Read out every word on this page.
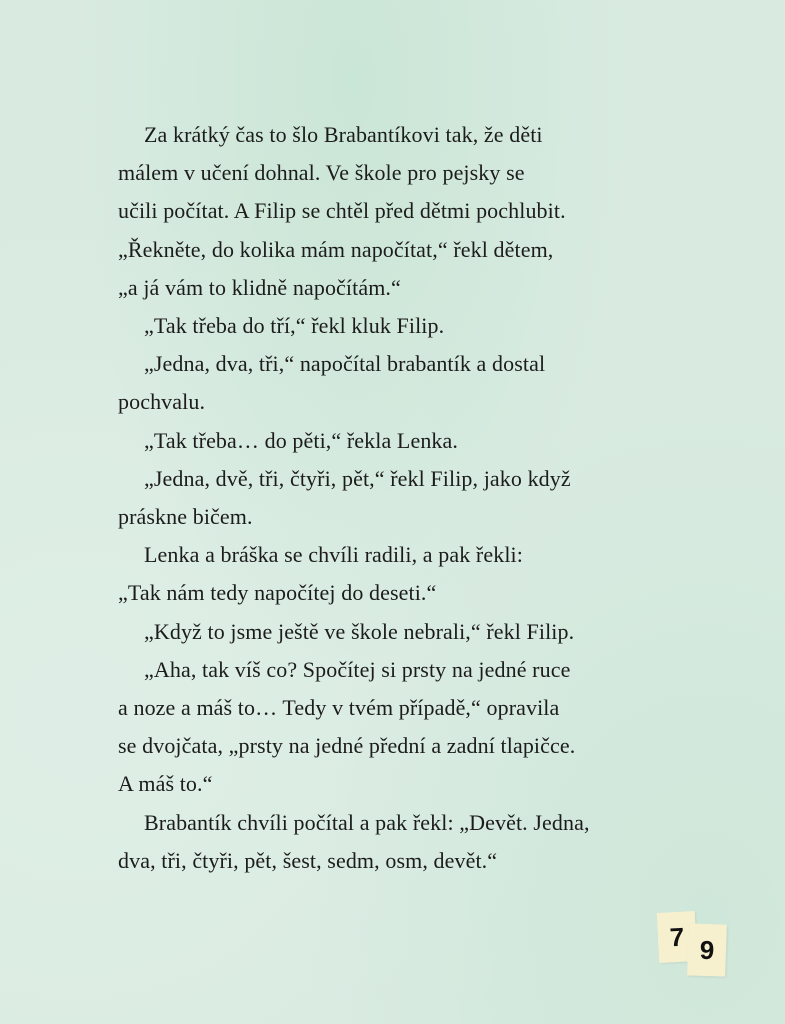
Za krátký čas to šlo Brabantíkovi tak, že děti
málem v učení dohnal. Ve škole pro pejsky se
učili počítat. A Filip se chtěl před dětmi pochlubit.
„Řekněte, do kolika mám napočítat,“ řekl dětem,
„a já vám to klidně napočítám.“
„Tak třeba do tří,“ řekl kluk Filip.
„Jedna, dva, tři,“ napočítal brabantík a dostal
pochvalu.
„Tak třeba… do pěti,“ řekla Lenka.
„Jedna, dvě, tři, čtyři, pět,“ řekl Filip, jako když
práskne bičem.
Lenka a bráška se chvíli radili, a pak řekli:
„Tak nám tedy napočítej do deseti.“
„Když to jsme ještě ve škole nebrali,“ řekl Filip.
„Aha, tak víš co? Spočítej si prsty na jedné ruce
a noze a máš to… Tedy v tvém případě,“ opravila
se dvojčata, „prsty na jedné přední a zadní tlapičce.
A máš to.“
Brabantík chvíli počítal a pak řekl: „Devět. Jedna,
dva, tři, čtyři, pět, šest, sedm, osm, devět.“
7 9
